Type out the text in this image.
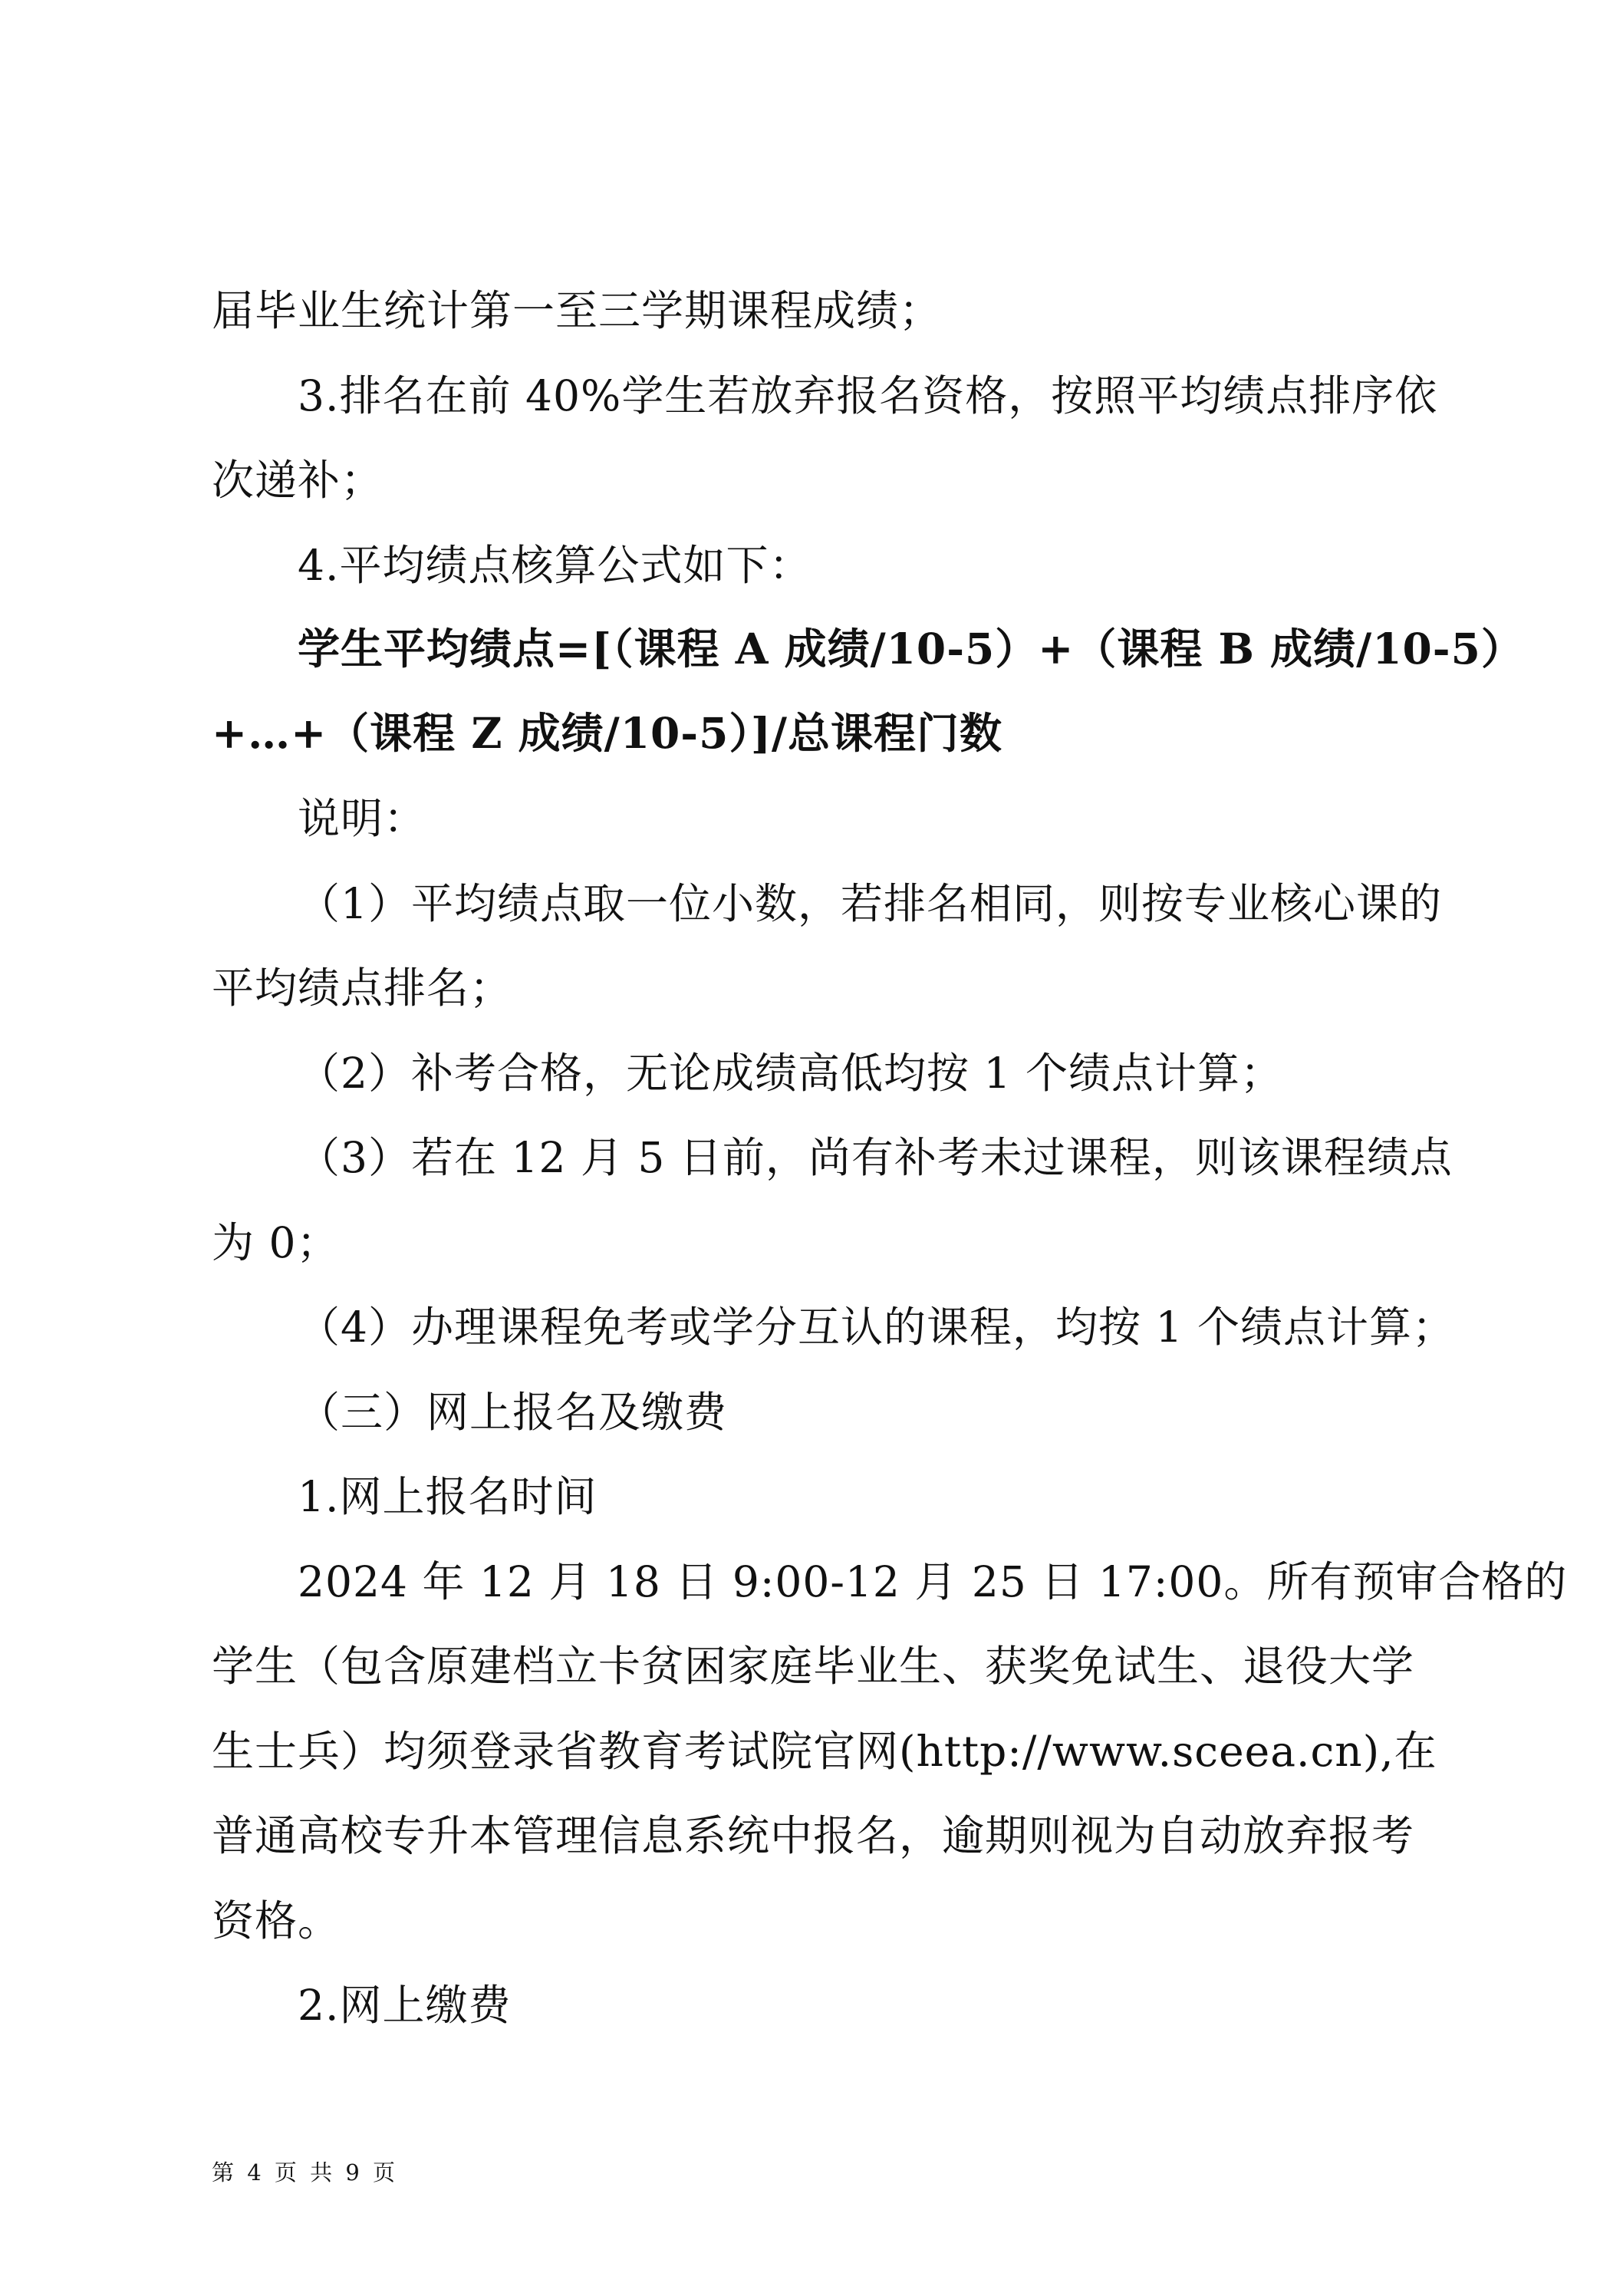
届毕业生统计第一至三学期课程成绩；
3.排名在前 40%学生若放弃报名资格，按照平均绩点排序依
次递补；
4.平均绩点核算公式如下：
学生平均绩点=[（课程 A 成绩/10-5）+（课程 B 成绩/10-5）
+…+（课程 Z 成绩/10-5）]/总课程门数
说明：
（1）平均绩点取一位小数，若排名相同，则按专业核心课的
平均绩点排名；
（2）补考合格，无论成绩高低均按 1 个绩点计算；
（3）若在 12 月 5 日前，尚有补考未过课程，则该课程绩点
为 0；
（4）办理课程免考或学分互认的课程，均按 1 个绩点计算；
（三）网上报名及缴费
1.网上报名时间
2024 年 12 月 18 日 9:00-12 月 25 日 17:00。所有预审合格的
学生（包含原建档立卡贫困家庭毕业生、获奖免试生、退役大学
生士兵）均须登录省教育考试院官网(http://www.sceea.cn),在
普通高校专升本管理信息系统中报名，逾期则视为自动放弃报考
资格。
2.网上缴费
第 4 页 共 9 页
